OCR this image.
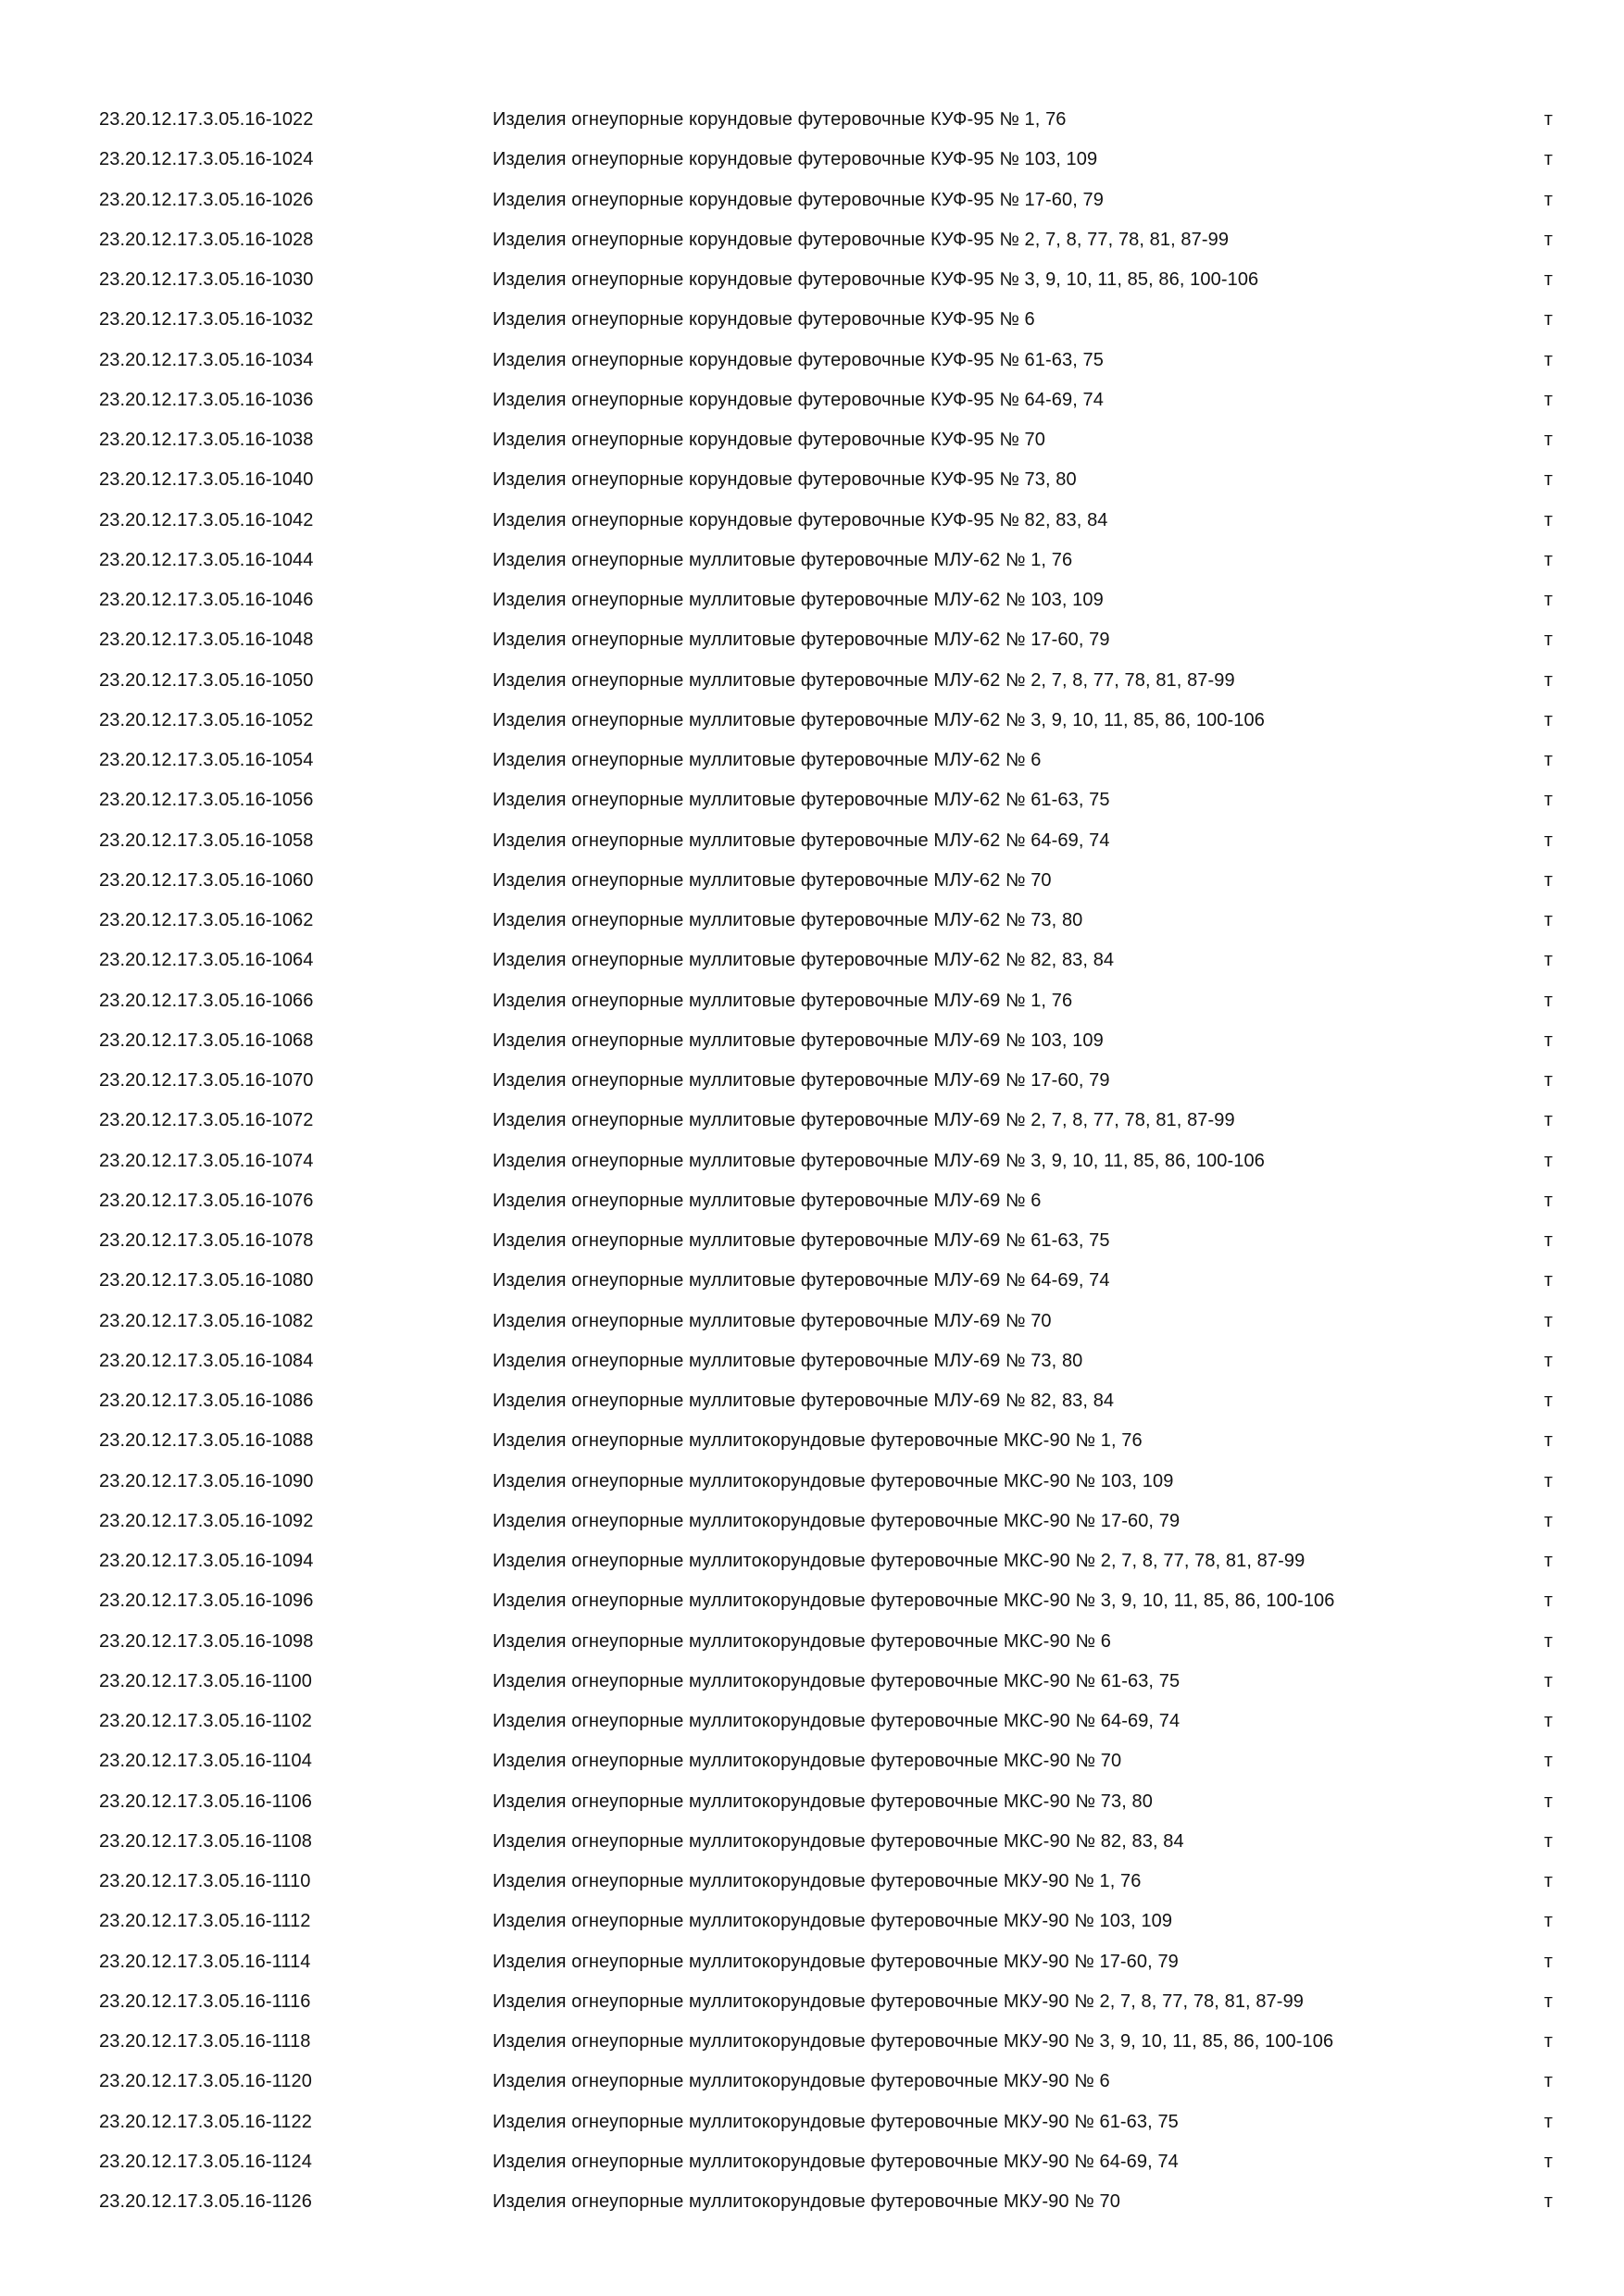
23.20.12.17.3.05.16-1022	Изделия огнеупорные корундовые футеровочные КУФ-95 № 1, 76	т
23.20.12.17.3.05.16-1024	Изделия огнеупорные корундовые футеровочные КУФ-95 № 103, 109	т
23.20.12.17.3.05.16-1026	Изделия огнеупорные корундовые футеровочные КУФ-95 № 17-60, 79	т
23.20.12.17.3.05.16-1028	Изделия огнеупорные корундовые футеровочные КУФ-95 № 2, 7, 8, 77, 78, 81, 87-99	т
23.20.12.17.3.05.16-1030	Изделия огнеупорные корундовые футеровочные КУФ-95 № 3, 9, 10, 11, 85, 86, 100-106	т
23.20.12.17.3.05.16-1032	Изделия огнеупорные корундовые футеровочные КУФ-95 № 6	т
23.20.12.17.3.05.16-1034	Изделия огнеупорные корундовые футеровочные КУФ-95 № 61-63, 75	т
23.20.12.17.3.05.16-1036	Изделия огнеупорные корундовые футеровочные КУФ-95 № 64-69, 74	т
23.20.12.17.3.05.16-1038	Изделия огнеупорные корундовые футеровочные КУФ-95 № 70	т
23.20.12.17.3.05.16-1040	Изделия огнеупорные корундовые футеровочные КУФ-95 № 73, 80	т
23.20.12.17.3.05.16-1042	Изделия огнеупорные корундовые футеровочные КУФ-95 № 82, 83, 84	т
23.20.12.17.3.05.16-1044	Изделия огнеупорные муллитовые футеровочные МЛУ-62 № 1, 76	т
23.20.12.17.3.05.16-1046	Изделия огнеупорные муллитовые футеровочные МЛУ-62 № 103, 109	т
23.20.12.17.3.05.16-1048	Изделия огнеупорные муллитовые футеровочные МЛУ-62 № 17-60, 79	т
23.20.12.17.3.05.16-1050	Изделия огнеупорные муллитовые футеровочные МЛУ-62 № 2, 7, 8, 77, 78, 81, 87-99	т
23.20.12.17.3.05.16-1052	Изделия огнеупорные муллитовые футеровочные МЛУ-62 № 3, 9, 10, 11, 85, 86, 100-106	т
23.20.12.17.3.05.16-1054	Изделия огнеупорные муллитовые футеровочные МЛУ-62 № 6	т
23.20.12.17.3.05.16-1056	Изделия огнеупорные муллитовые футеровочные МЛУ-62 № 61-63, 75	т
23.20.12.17.3.05.16-1058	Изделия огнеупорные муллитовые футеровочные МЛУ-62 № 64-69, 74	т
23.20.12.17.3.05.16-1060	Изделия огнеупорные муллитовые футеровочные МЛУ-62 № 70	т
23.20.12.17.3.05.16-1062	Изделия огнеупорные муллитовые футеровочные МЛУ-62 № 73, 80	т
23.20.12.17.3.05.16-1064	Изделия огнеупорные муллитовые футеровочные МЛУ-62 № 82, 83, 84	т
23.20.12.17.3.05.16-1066	Изделия огнеупорные муллитовые футеровочные МЛУ-69 № 1, 76	т
23.20.12.17.3.05.16-1068	Изделия огнеупорные муллитовые футеровочные МЛУ-69 № 103, 109	т
23.20.12.17.3.05.16-1070	Изделия огнеупорные муллитовые футеровочные МЛУ-69 № 17-60, 79	т
23.20.12.17.3.05.16-1072	Изделия огнеупорные муллитовые футеровочные МЛУ-69 № 2, 7, 8, 77, 78, 81, 87-99	т
23.20.12.17.3.05.16-1074	Изделия огнеупорные муллитовые футеровочные МЛУ-69 № 3, 9, 10, 11, 85, 86, 100-106	т
23.20.12.17.3.05.16-1076	Изделия огнеупорные муллитовые футеровочные МЛУ-69 № 6	т
23.20.12.17.3.05.16-1078	Изделия огнеупорные муллитовые футеровочные МЛУ-69 № 61-63, 75	т
23.20.12.17.3.05.16-1080	Изделия огнеупорные муллитовые футеровочные МЛУ-69 № 64-69, 74	т
23.20.12.17.3.05.16-1082	Изделия огнеупорные муллитовые футеровочные МЛУ-69 № 70	т
23.20.12.17.3.05.16-1084	Изделия огнеупорные муллитовые футеровочные МЛУ-69 № 73, 80	т
23.20.12.17.3.05.16-1086	Изделия огнеупорные муллитовые футеровочные МЛУ-69 № 82, 83, 84	т
23.20.12.17.3.05.16-1088	Изделия огнеупорные муллитокорундовые футеровочные МКС-90 № 1, 76	т
23.20.12.17.3.05.16-1090	Изделия огнеупорные муллитокорундовые футеровочные МКС-90 № 103, 109	т
23.20.12.17.3.05.16-1092	Изделия огнеупорные муллитокорундовые футеровочные МКС-90 № 17-60, 79	т
23.20.12.17.3.05.16-1094	Изделия огнеупорные муллитокорундовые футеровочные МКС-90 № 2, 7, 8, 77, 78, 81, 87-99	т
23.20.12.17.3.05.16-1096	Изделия огнеупорные муллитокорундовые футеровочные МКС-90 № 3, 9, 10, 11, 85, 86, 100-106	т
23.20.12.17.3.05.16-1098	Изделия огнеупорные муллитокорундовые футеровочные МКС-90 № 6	т
23.20.12.17.3.05.16-1100	Изделия огнеупорные муллитокорундовые футеровочные МКС-90 № 61-63, 75	т
23.20.12.17.3.05.16-1102	Изделия огнеупорные муллитокорундовые футеровочные МКС-90 № 64-69, 74	т
23.20.12.17.3.05.16-1104	Изделия огнеупорные муллитокорундовые футеровочные МКС-90 № 70	т
23.20.12.17.3.05.16-1106	Изделия огнеупорные муллитокорундовые футеровочные МКС-90 № 73, 80	т
23.20.12.17.3.05.16-1108	Изделия огнеупорные муллитокорундовые футеровочные МКС-90 № 82, 83, 84	т
23.20.12.17.3.05.16-1110	Изделия огнеупорные муллитокорундовые футеровочные МКУ-90 № 1, 76	т
23.20.12.17.3.05.16-1112	Изделия огнеупорные муллитокорундовые футеровочные МКУ-90 № 103, 109	т
23.20.12.17.3.05.16-1114	Изделия огнеупорные муллитокорундовые футеровочные МКУ-90 № 17-60, 79	т
23.20.12.17.3.05.16-1116	Изделия огнеупорные муллитокорундовые футеровочные МКУ-90 № 2, 7, 8, 77, 78, 81, 87-99	т
23.20.12.17.3.05.16-1118	Изделия огнеупорные муллитокорундовые футеровочные МКУ-90 № 3, 9, 10, 11, 85, 86, 100-106	т
23.20.12.17.3.05.16-1120	Изделия огнеупорные муллитокорундовые футеровочные МКУ-90 № 6	т
23.20.12.17.3.05.16-1122	Изделия огнеупорные муллитокорундовые футеровочные МКУ-90 № 61-63, 75	т
23.20.12.17.3.05.16-1124	Изделия огнеупорные муллитокорундовые футеровочные МКУ-90 № 64-69, 74	т
23.20.12.17.3.05.16-1126	Изделия огнеупорные муллитокорундовые футеровочные МКУ-90 № 70	т
